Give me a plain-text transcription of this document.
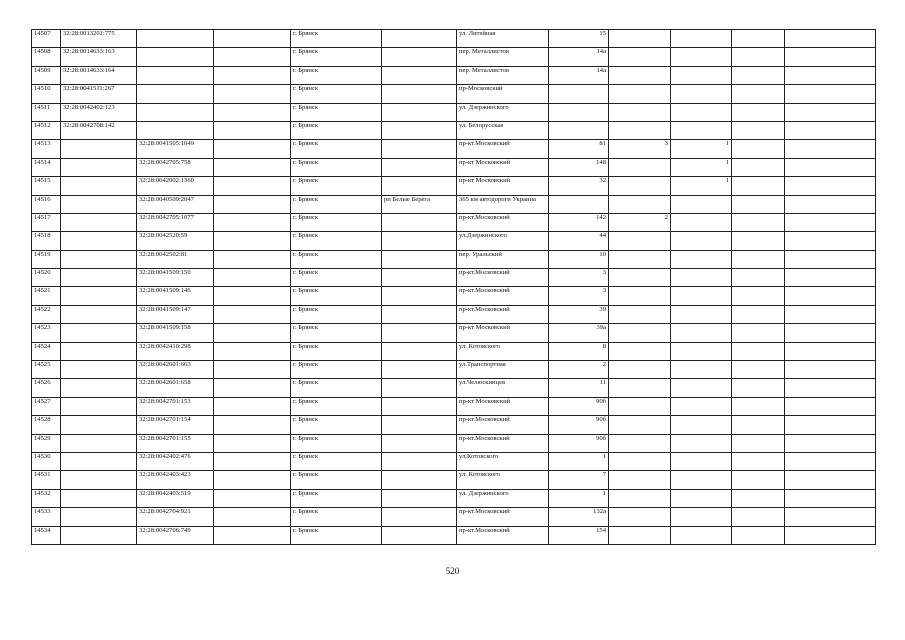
14507	32:28:0013201:775			г. Брянск		ул. Литейная	15				
14508	32:28:0014633:163			г. Брянск		пер. Металлистов	14а				
14509	32:28:0014633:164			г. Брянск		пер. Металлистов	14а				
14510	32:28:0041511:267			г. Брянск		пр-Московский					
14511	32:28:0042402:123			г. Брянск		ул. Дзержинского					
14512	32:28:0042708:142			г. Брянск		ул. Белорусская					
14513		32:28:0041505:1049		г. Брянск		пр-кт.Московский	81	3	1		
14514		32:28:0042705:758		г. Брянск		пр-кт Московский	148		1		
14515		32:28:0042002:1360		г. Брянск		пр-кт Московский	32		1		
14516		32:28:0040509:2047		г. Брянск	рп Белые Берега	365 км автодороги Украина					
14517		32:28:0042705:1077		г. Брянск		пр-кт.Московский	142	2			
14518		32:28:0042520:59		г. Брянск		ул.Дзержинского	44				
14519		32:28:0042502:81		г. Брянск		пер. Уральский	10				
14520		32:28:0041509:150		г. Брянск		пр-кт.Московский	3				
14521		32:28:0041509:146		г. Брянск		пр-кт.Московский	3				
14522		32:28:0041509:147		г. Брянск		пр-кт.Московский	39				
14523		32:28:0041509:158		г. Брянск		пр-кт Московский	39а				
14524		32:28:0042410:298		г. Брянск		ул. Котовского	8				
14525		32:28:0042601:663		г. Брянск		ул.Транспортная	2				
14526		32:28:0042601:658		г. Брянск		ул.Челюскинцев	11				
14527		32:28:0042701:153		г. Брянск		пр-кт Московский	90б				
14528		32:28:0042701:154		г. Брянск		пр-кт.Московский	90б				
14529		32:28:0042701:155		г. Брянск		пр-кт.Московский	90б				
14530		32:28:0042402:476		г. Брянск		ул.Котовского	1				
14531		32:28:0042403:423		г. Брянск		ул. Котовского	7				
14532		32:28:0042403:519		г. Брянск		ул. Дзержинского	1				
14533		32:28:0042704:921		г. Брянск		пр-кт.Московский	132а				
14534		32:28:0042706:749		г. Брянск		пр-кт.Московский	154				
520
